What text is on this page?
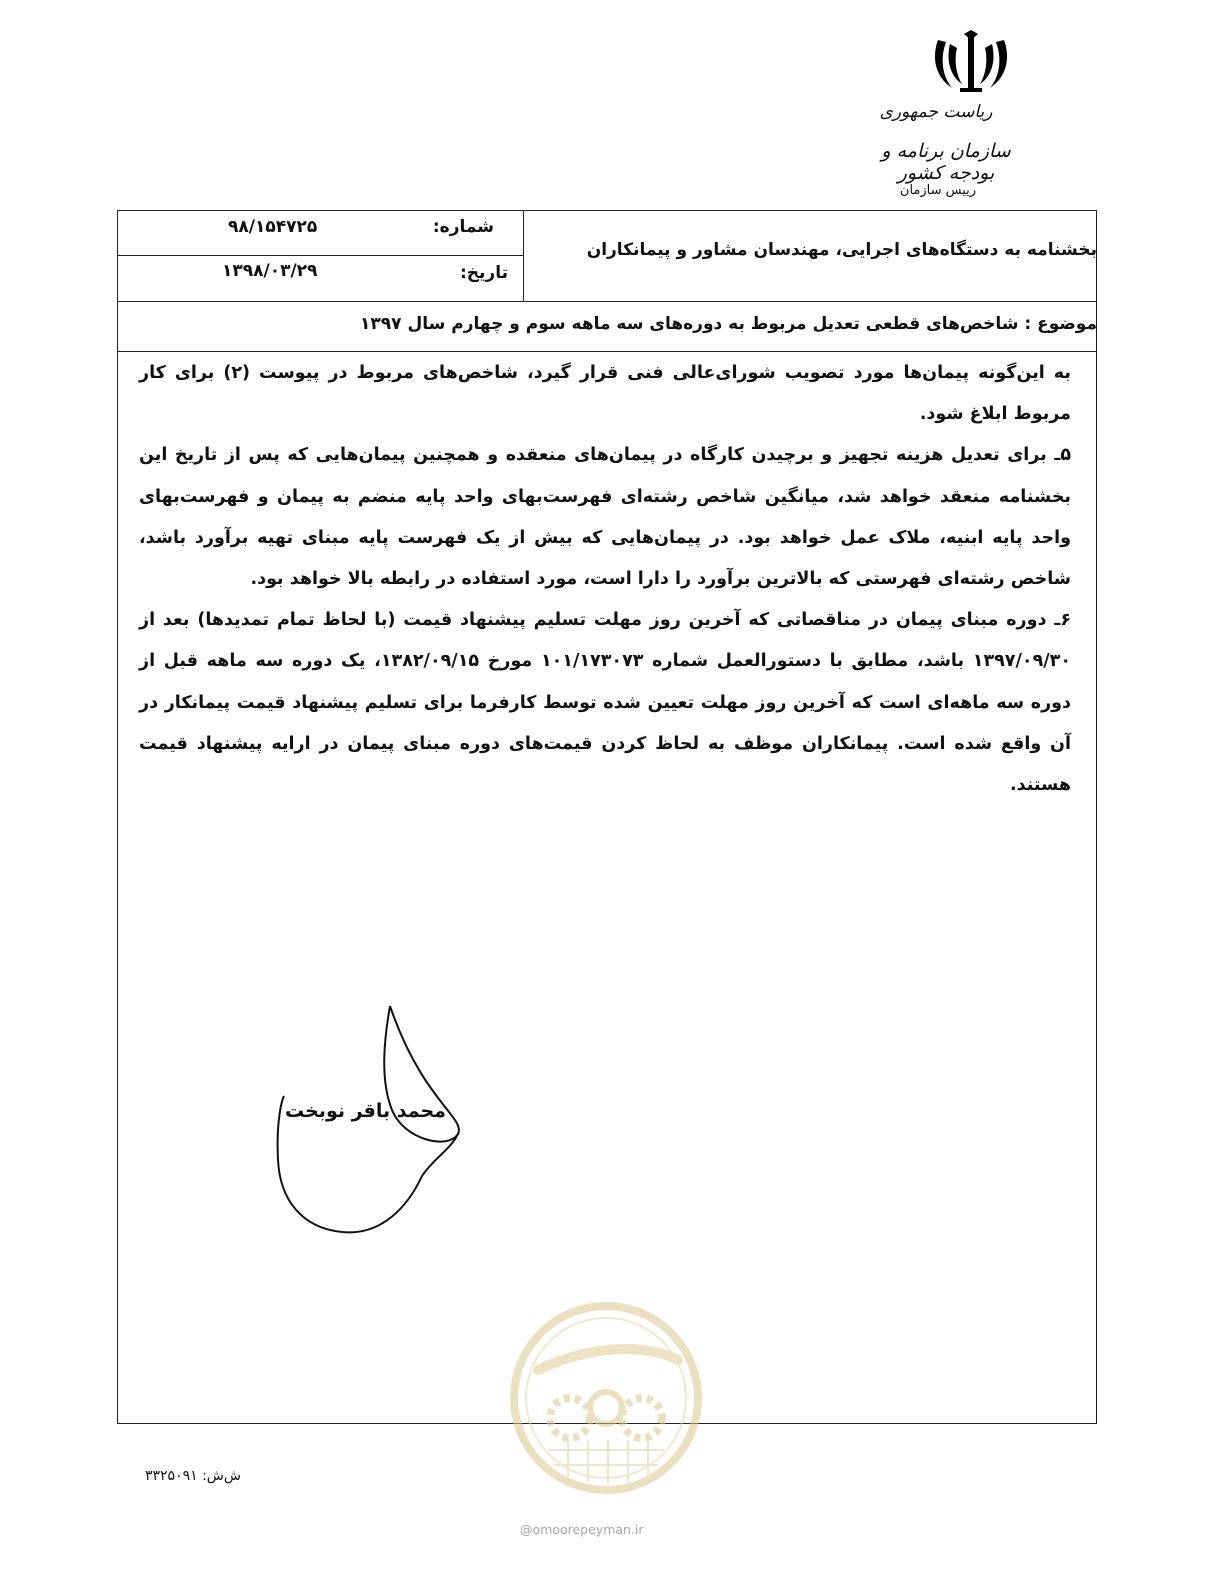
ریاست جمهوری
سازمان برنامه و بودجه کشور
رییس سازمان
بخشنامه به دستگاه‌های اجرایی، مهندسان مشاور و پیمانکاران
شماره:
۹۸/۱۵۴۷۲۵
تاریخ:
۱۳۹۸/۰۳/۲۹
موضوع : شاخص‌های قطعی تعدیل مربوط به دوره‌های سه ماهه سوم و چهارم سال ۱۳۹۷

به این‌گونه پیمان‌ها مورد تصویب شورای‌عالی فنی قرار گیرد، شاخص‌های مربوط در پیوست (۲) برای کار مربوط ابلاغ شود.

۵ـ برای تعدیل هزینه تجهیز و برچیدن کارگاه در پیمان‌های منعقده و همچنین پیمان‌هایی که پس از تاریخ این بخشنامه منعقد خواهد شد، میانگین شاخص رشته‌ای فهرست‌بهای واحد پایه منضم به پیمان و فهرست‌بهای واحد پایه ابنیه، ملاک عمل خواهد بود. در پیمان‌هایی که بیش از یک فهرست پایه مبنای تهیه برآورد باشد، شاخص رشته‌ای فهرستی که بالاترین برآورد را دارا است، مورد استفاده در رابطه بالا خواهد بود.

۶ـ دوره مبنای پیمان در مناقصاتی که آخرین روز مهلت تسلیم پیشنهاد قیمت (با لحاظ تمام تمدیدها) بعد از ۱۳۹۷/۰۹/۳۰ باشد، مطابق با دستورالعمل شماره ۱۰۱/۱۷۳۰۷۳ مورخ ۱۳۸۲/۰۹/۱۵، یک دوره سه ماهه قبل از دوره سه ماهه‌ای است که آخرین روز مهلت تعیین شده توسط کارفرما برای تسلیم پیشنهاد قیمت پیمانکار در آن واقع شده است. پیمانکاران موظف به لحاظ کردن قیمت‌های دوره مبنای پیمان در ارایه پیشنهاد قیمت هستند.

محمد باقر نوبخت
@omoorepeyman.ir
ش‌ش: ۳۳۲۵۰۹۱
